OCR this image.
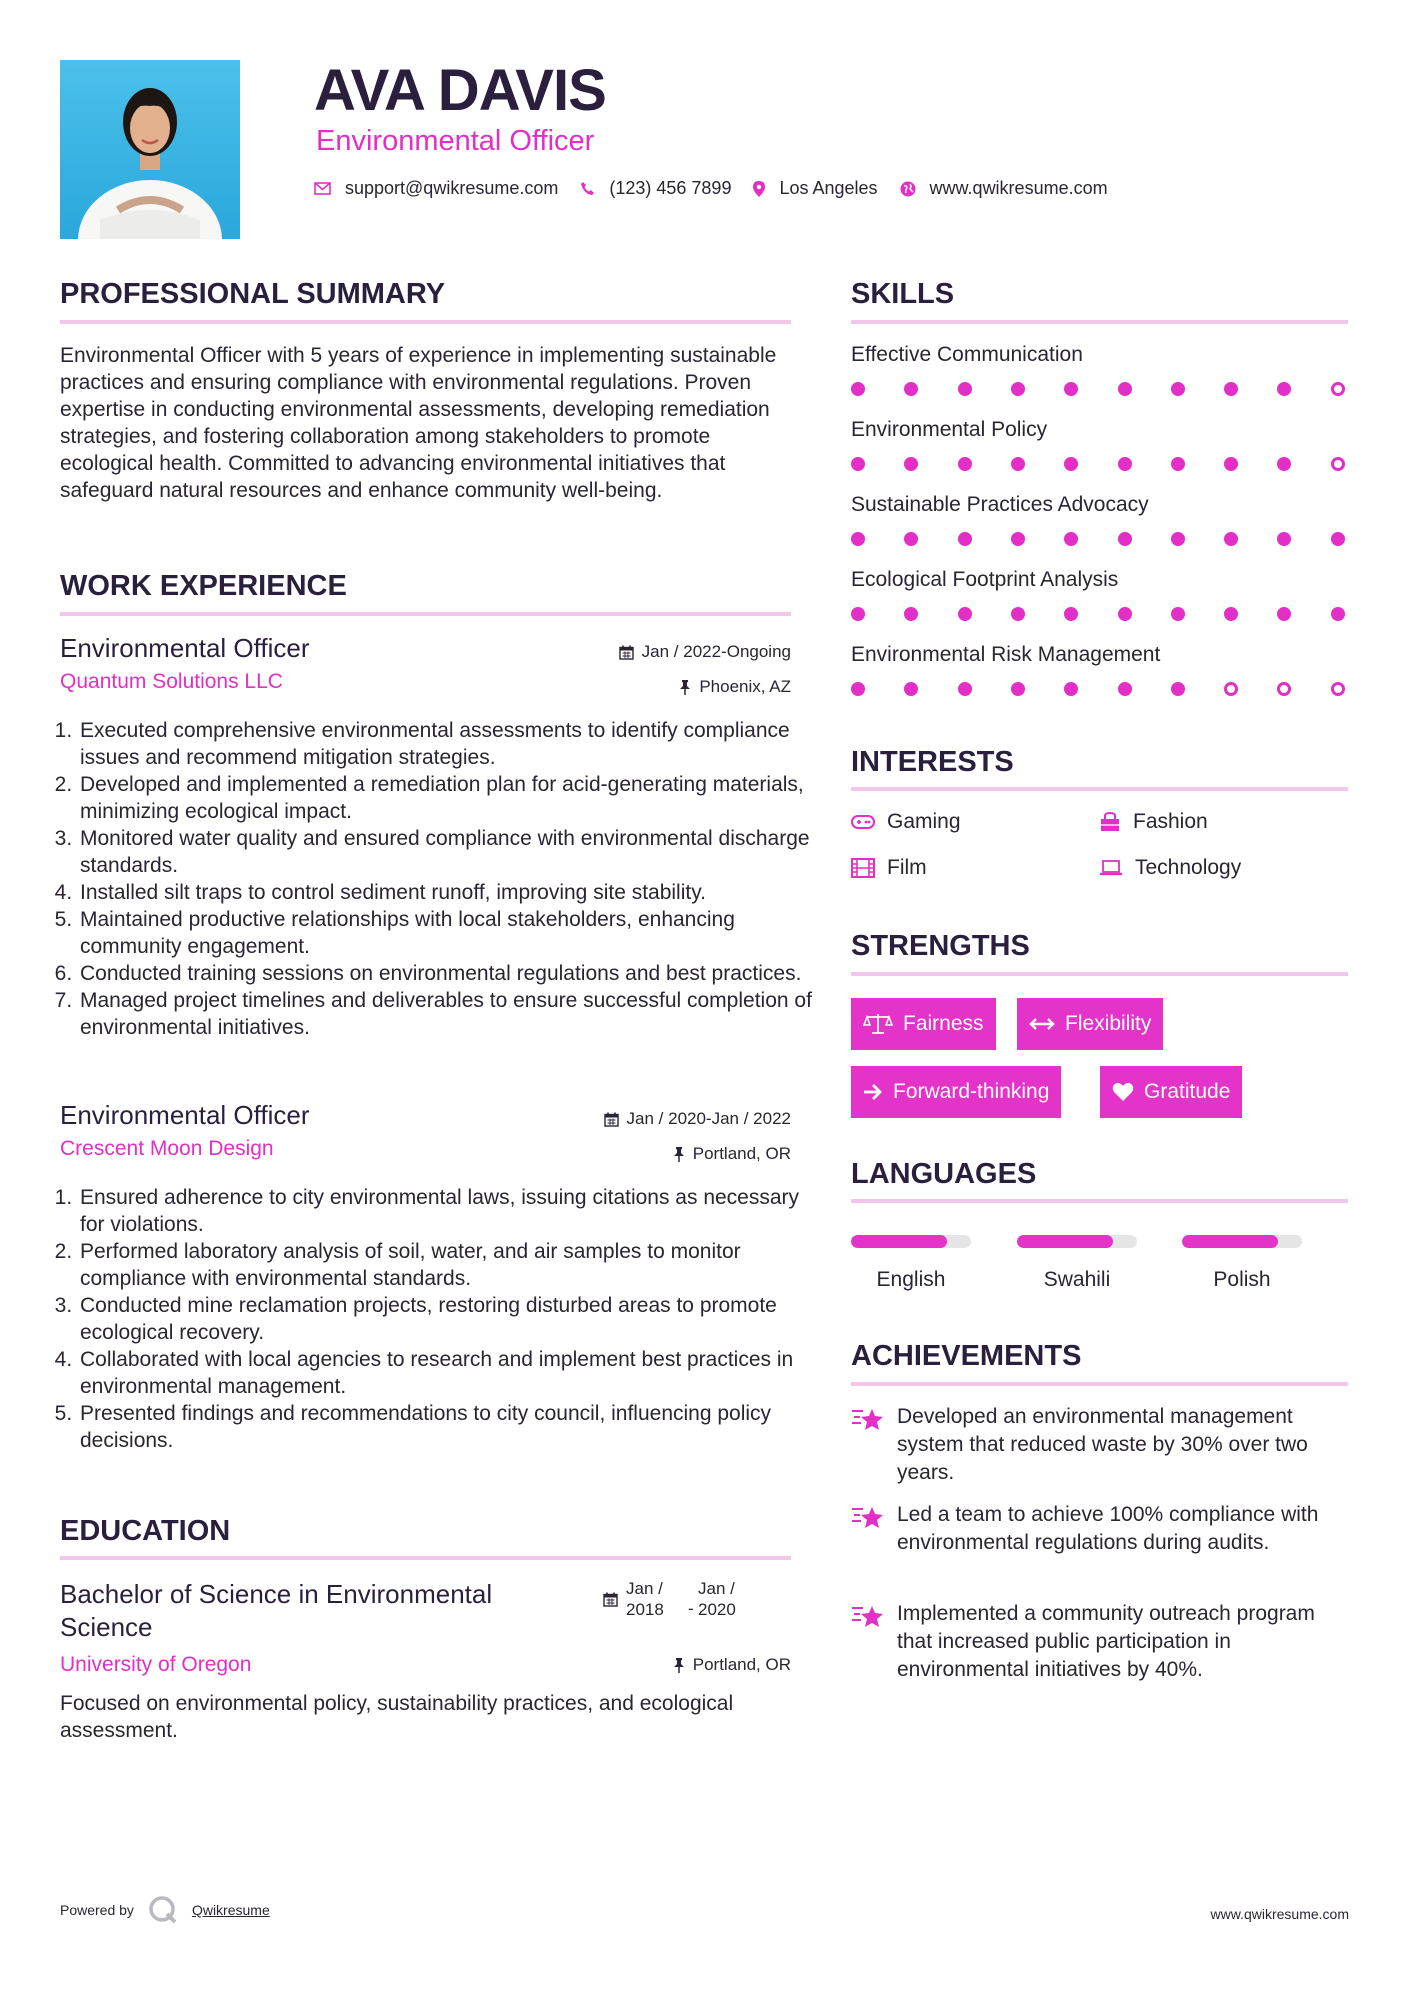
AVA DAVIS
Environmental Officer
support@qwikresume.com	(123) 456 7899	Los Angeles	www.qwikresume.com
PROFESSIONAL SUMMARY

Environmental Officer with 5 years of experience in implementing sustainable practices and ensuring compliance with environmental regulations. Proven expertise in conducting environmental assessments, developing remediation strategies, and fostering collaboration among stakeholders to promote ecological health. Committed to advancing environmental initiatives that safeguard natural resources and enhance community well-being.

WORK EXPERIENCE
Environmental Officer
Quantum Solutions LLC
Jan / 2022-Ongoing
Phoenix, AZ
1. Executed comprehensive environmental assessments to identify compliance issues and recommend mitigation strategies.
2. Developed and implemented a remediation plan for acid-generating materials, minimizing ecological impact.
3. Monitored water quality and ensured compliance with environmental discharge standards.
4. Installed silt traps to control sediment runoff, improving site stability.
5. Maintained productive relationships with local stakeholders, enhancing community engagement.
6. Conducted training sessions on environmental regulations and best practices.
7. Managed project timelines and deliverables to ensure successful completion of environmental initiatives.
Environmental Officer
Crescent Moon Design
Jan / 2020-Jan / 2022
Portland, OR
1. Ensured adherence to city environmental laws, issuing citations as necessary for violations.
2. Performed laboratory analysis of soil, water, and air samples to monitor compliance with environmental standards.
3. Conducted mine reclamation projects, restoring disturbed areas to promote ecological recovery.
4. Collaborated with local agencies to research and implement best practices in environmental management.
5. Presented findings and recommendations to city council, influencing policy decisions.
EDUCATION
Bachelor of Science in Environmental Science
Jan / 2018	-
Jan / 2020
University of Oregon	Portland, OR
Focused on environmental policy, sustainability practices, and ecological assessment.
SKILLS
Effective Communication
Environmental Policy
Sustainable Practices Advocacy
Ecological Footprint Analysis
Environmental Risk Management
INTERESTS
Gaming	Fashion
Film	Technology
STRENGTHS
Fairness	Flexibility
Forward-thinking	Gratitude
LANGUAGES
English	Swahili	Polish
ACHIEVEMENTS
Developed an environmental management system that reduced waste by 30% over two years.
Led a team to achieve 100% compliance with environmental regulations during audits.
Implemented a community outreach program that increased public participation in environmental initiatives by 40%.
Powered by	Qwikresume	www.qwikresume.com
